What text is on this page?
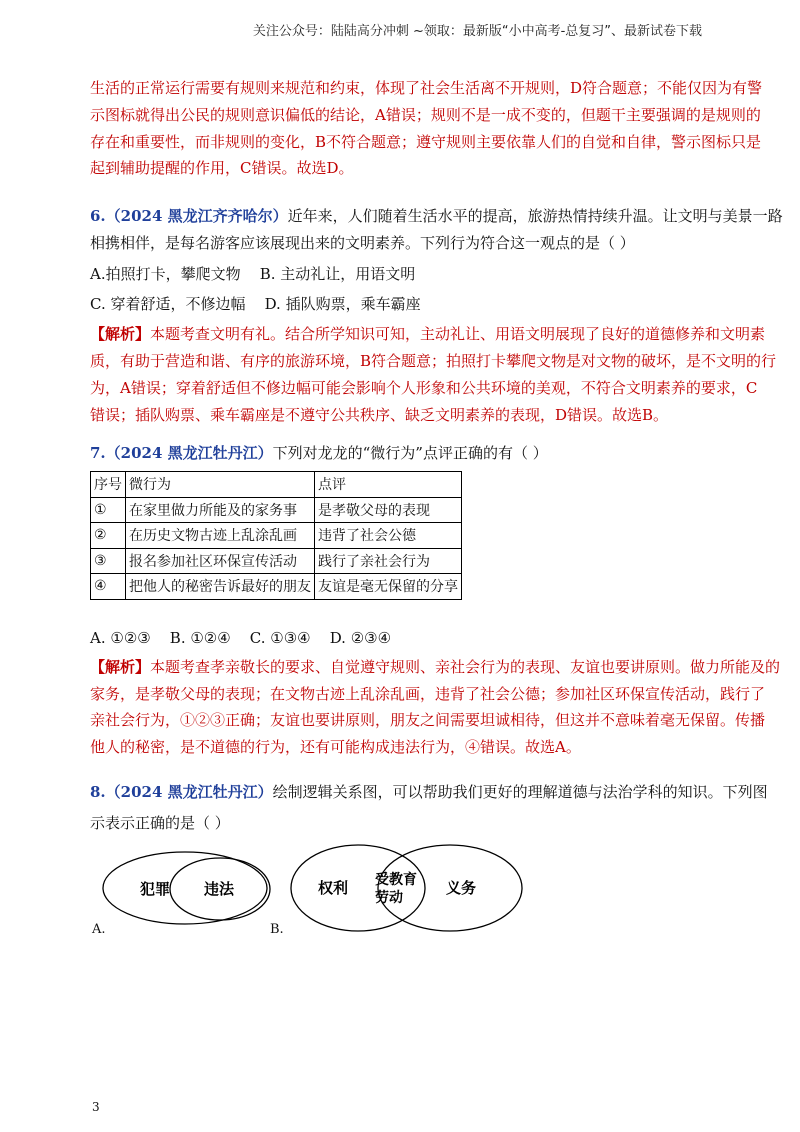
关注公众号：陆陆高分冲刺 ~领取：最新版“小中高考-总复习”、最新试卷下载
生活的正常运行需要有规则来规范和约束，体现了社会生活离不开规则，D符合题意；不能仅因为有警
示图标就得出公民的规则意识偏低的结论，A错误；规则不是一成不变的，但题干主要强调的是规则的
存在和重要性，而非规则的变化，B不符合题意；遵守规则主要依靠人们的自觉和自律，警示图标只是
起到辅助提醒的作用，C错误。故选D。
6.（2024 黑龙江齐齐哈尔）近年来，人们随着生活水平的提高，旅游热情持续升温。让文明与美景一路
相携相伴，是每名游客应该展现出来的文明素养。下列行为符合这一观点的是（ ）
A.拍照打卡，攀爬文物 B. 主动礼让，用语文明
C. 穿着舒适，不修边幅 D. 插队购票，乘车霸座
【解析】本题考查文明有礼。结合所学知识可知，主动礼让、用语文明展现了良好的道德修养和文明素
质，有助于营造和谐、有序的旅游环境，B符合题意；拍照打卡攀爬文物是对文物的破坏，是不文明的行
为，A错误；穿着舒适但不修边幅可能会影响个人形象和公共环境的美观，不符合文明素养的要求，C
错误；插队购票、乘车霸座是不遵守公共秩序、缺乏文明素养的表现，D错误。故选B。
7.（2024 黑龙江牡丹江）下列对龙龙的“微行为”点评正确的有（ ）
序号	微行为	点评
①	在家里做力所能及的家务事	是孝敬父母的表现
②	在历史文物古迹上乱涂乱画	违背了社会公德
③	报名参加社区环保宣传活动	践行了亲社会行为
④	把他人的秘密告诉最好的朋友	友谊是毫无保留的分享
A. ①②③ B. ①②④ C. ①③④ D. ②③④
【解析】本题考查孝亲敬长的要求、自觉遵守规则、亲社会行为的表现、友谊也要讲原则。做力所能及的
家务，是孝敬父母的表现；在文物古迹上乱涂乱画，违背了社会公德；参加社区环保宣传活动，践行了
亲社会行为，①②③正确；友谊也要讲原则，朋友之间需要坦诚相待，但这并不意味着毫无保留。传播
他人的秘密，是不道德的行为，还有可能构成违法行为，④错误。故选A。
8.（2024 黑龙江牡丹江）绘制逻辑关系图，可以帮助我们更好的理解道德与法治学科的知识。下列图
示表示正确的是（ ）
犯罪 违法
A.
权利 受教育
劳动
义务
B.
3
